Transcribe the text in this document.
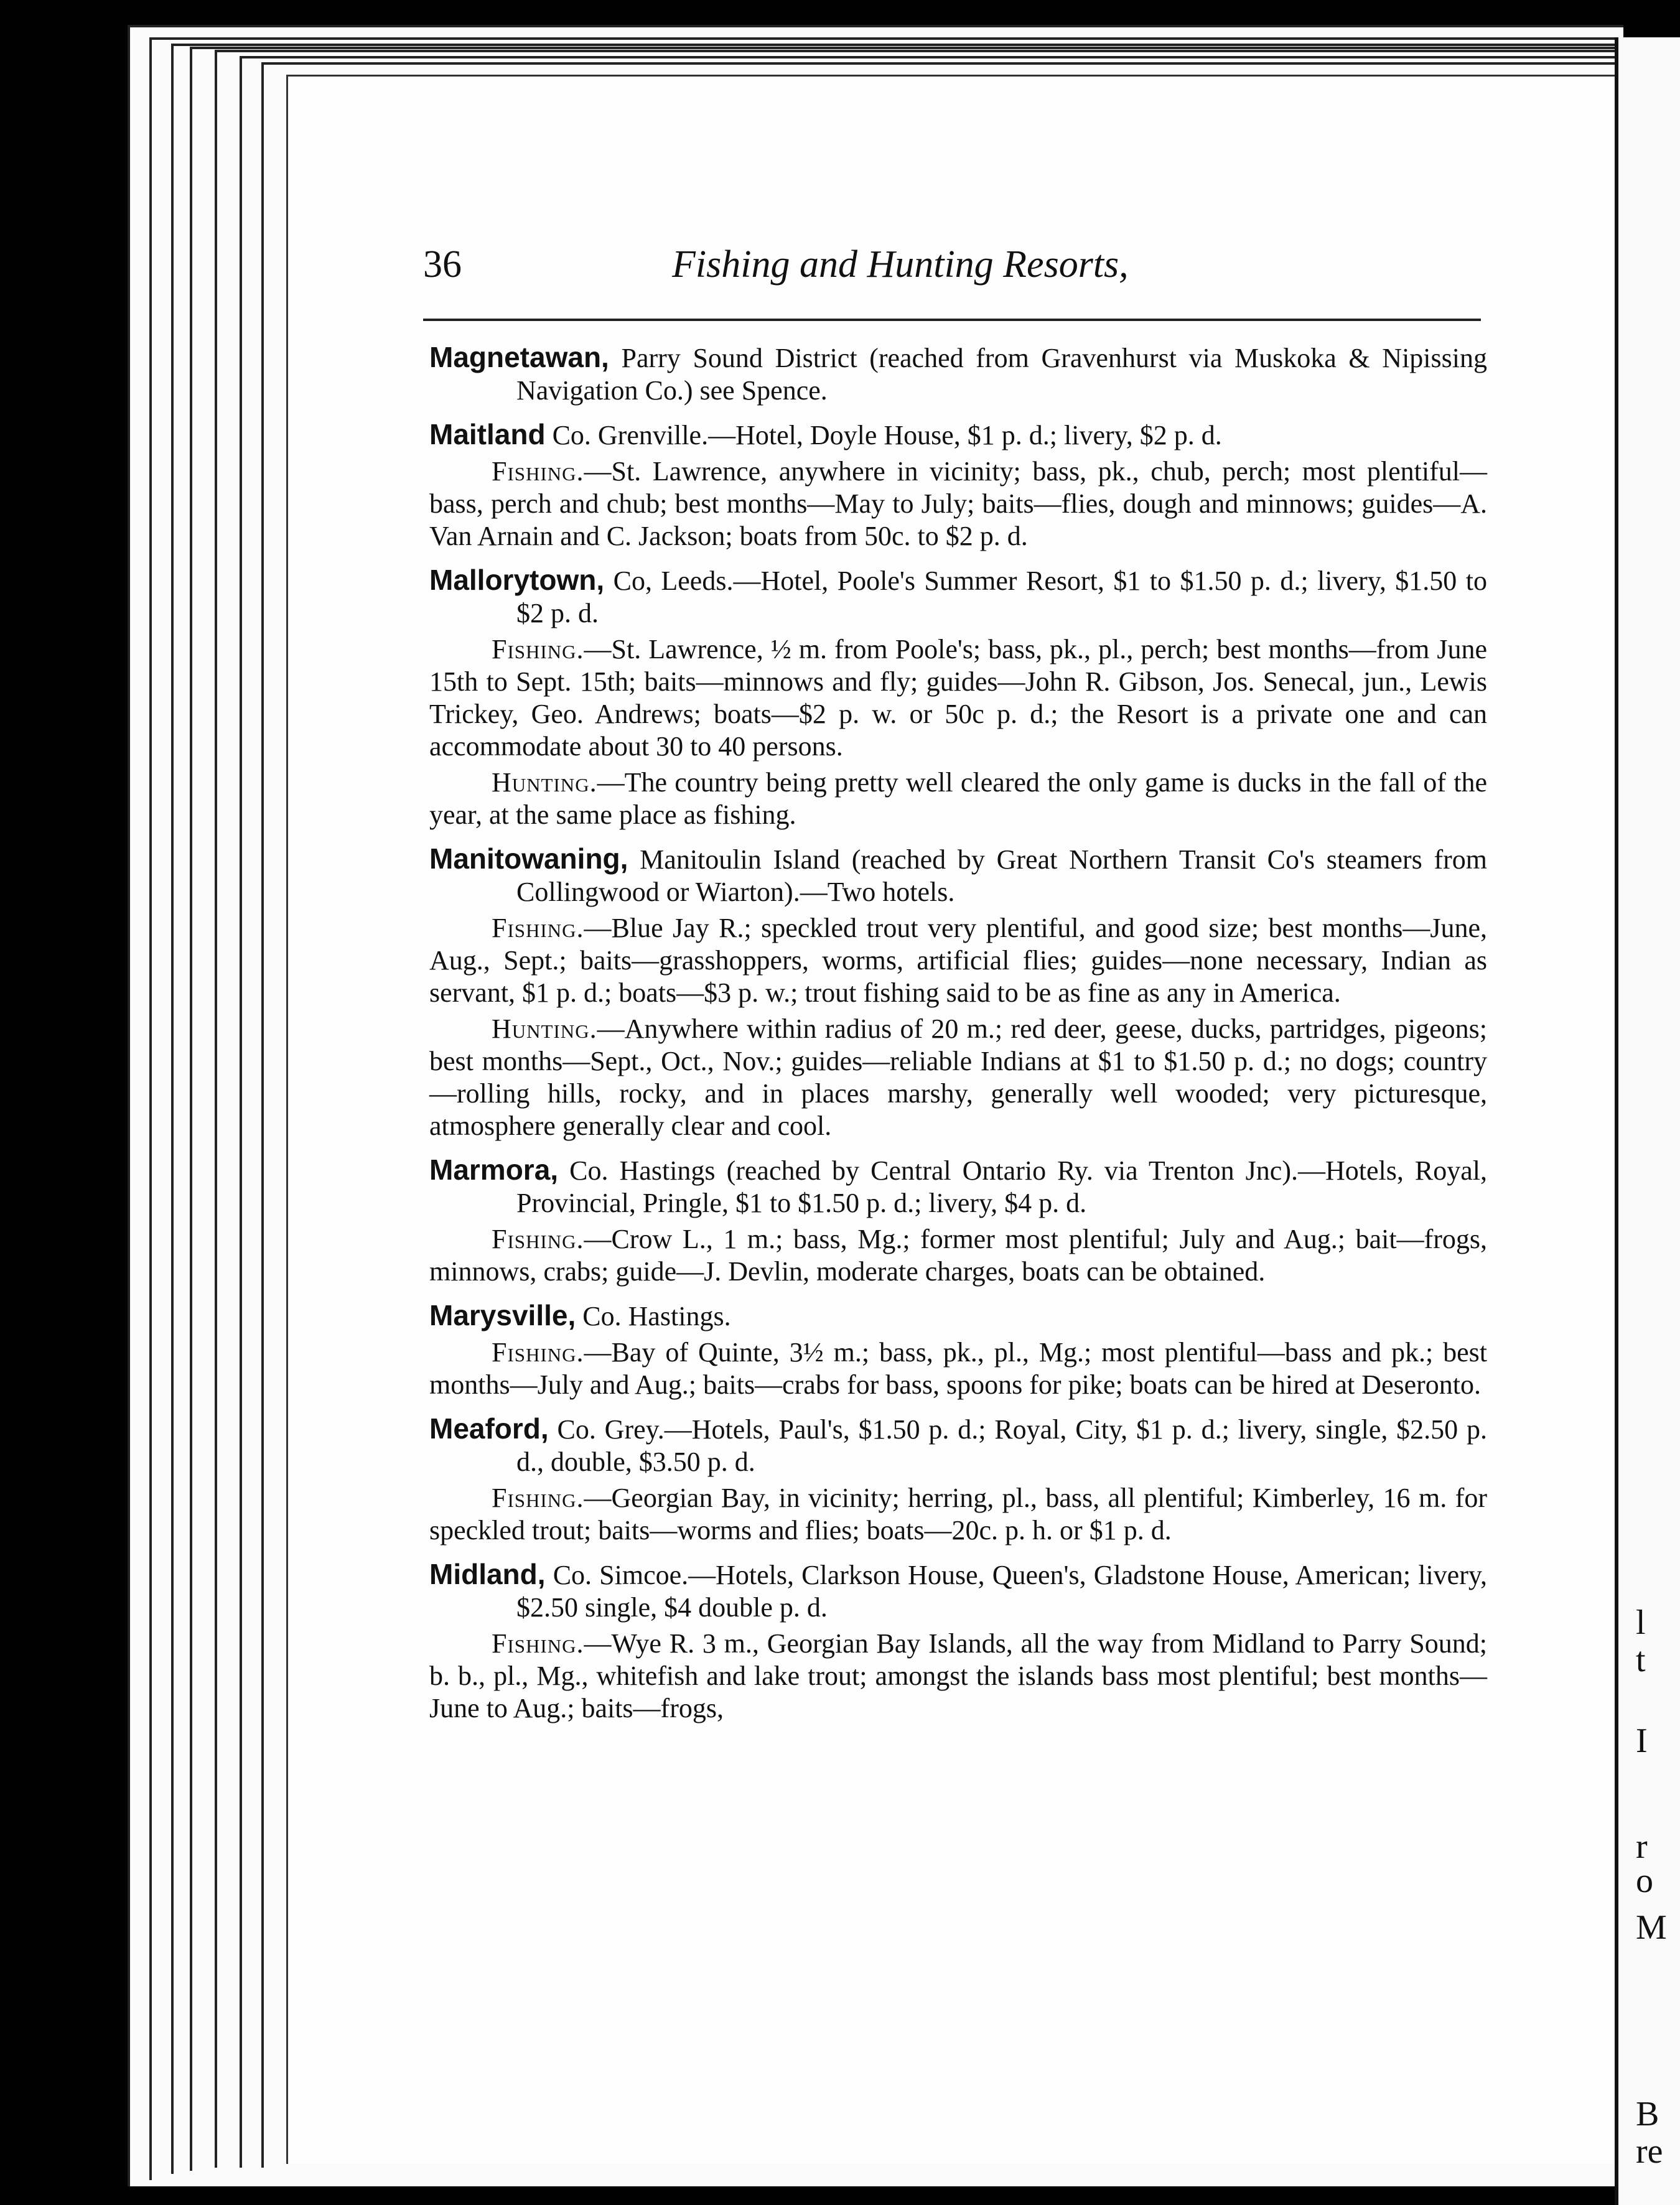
l
t
I
r
o
M
B
re
36	Fishing and Hunting Resorts,
Magnetawan, Parry Sound District (reached from Gravenhurst via Muskoka & Nipissing Navigation Co.) see Spence.
Maitland Co. Grenville.—Hotel, Doyle House, $1 p. d.; livery, $2 p. d.

Fishing.—St. Lawrence, anywhere in vicinity; bass, pk., chub, perch; most plentiful—bass, perch and chub; best months—May to July; baits—flies, dough and minnows; guides—A. Van Arnain and C. Jackson; boats from 50c. to $2 p. d.

Mallorytown, Co, Leeds.—Hotel, Poole's Summer Resort, $1 to $1.50 p. d.; livery, $1.50 to $2 p. d.

Fishing.—St. Lawrence, ½ m. from Poole's; bass, pk., pl., perch; best months—from June 15th to Sept. 15th; baits—minnows and fly; guides—John R. Gibson, Jos. Senecal, jun., Lewis Trickey, Geo. Andrews; boats—$2 p. w. or 50c p. d.; the Resort is a private one and can accommodate about 30 to 40 persons.

Hunting.—The country being pretty well cleared the only game is ducks in the fall of the year, at the same place as fishing.

Manitowaning, Manitoulin Island (reached by Great Northern Transit Co's steamers from Collingwood or Wiarton).—Two hotels.

Fishing.—Blue Jay R.; speckled trout very plentiful, and good size; best months—June, Aug., Sept.; baits—grasshoppers, worms, artificial flies; guides—none necessary, Indian as servant, $1 p. d.; boats—$3 p. w.; trout fishing said to be as fine as any in America.

Hunting.—Anywhere within radius of 20 m.; red deer, geese, ducks, partridges, pigeons; best months—Sept., Oct., Nov.; guides—reliable Indians at $1 to $1.50 p. d.; no dogs; country—rolling hills, rocky, and in places marshy, generally well wooded; very picturesque, atmosphere generally clear and cool.

Marmora, Co. Hastings (reached by Central Ontario Ry. via Trenton Jnc).—Hotels, Royal, Provincial, Pringle, $1 to $1.50 p. d.; livery, $4 p. d.

Fishing.—Crow L., 1 m.; bass, Mg.; former most plentiful; July and Aug.; bait—frogs, minnows, crabs; guide—J. Devlin, moderate charges, boats can be obtained.

Marysville, Co. Hastings.

Fishing.—Bay of Quinte, 3½ m.; bass, pk., pl., Mg.; most plentiful—bass and pk.; best months—July and Aug.; baits—crabs for bass, spoons for pike; boats can be hired at Deseronto.

Meaford, Co. Grey.—Hotels, Paul's, $1.50 p. d.; Royal, City, $1 p. d.; livery, single, $2.50 p. d., double, $3.50 p. d.

Fishing.—Georgian Bay, in vicinity; herring, pl., bass, all plentiful; Kimberley, 16 m. for speckled trout; baits—worms and flies; boats—20c. p. h. or $1 p. d.

Midland, Co. Simcoe.—Hotels, Clarkson House, Queen's, Gladstone House, American; livery, $2.50 single, $4 double p. d.

Fishing.—Wye R. 3 m., Georgian Bay Islands, all the way from Midland to Parry Sound; b. b., pl., Mg., whitefish and lake trout; amongst the islands bass most plentiful; best months—June to Aug.; baits—frogs,
